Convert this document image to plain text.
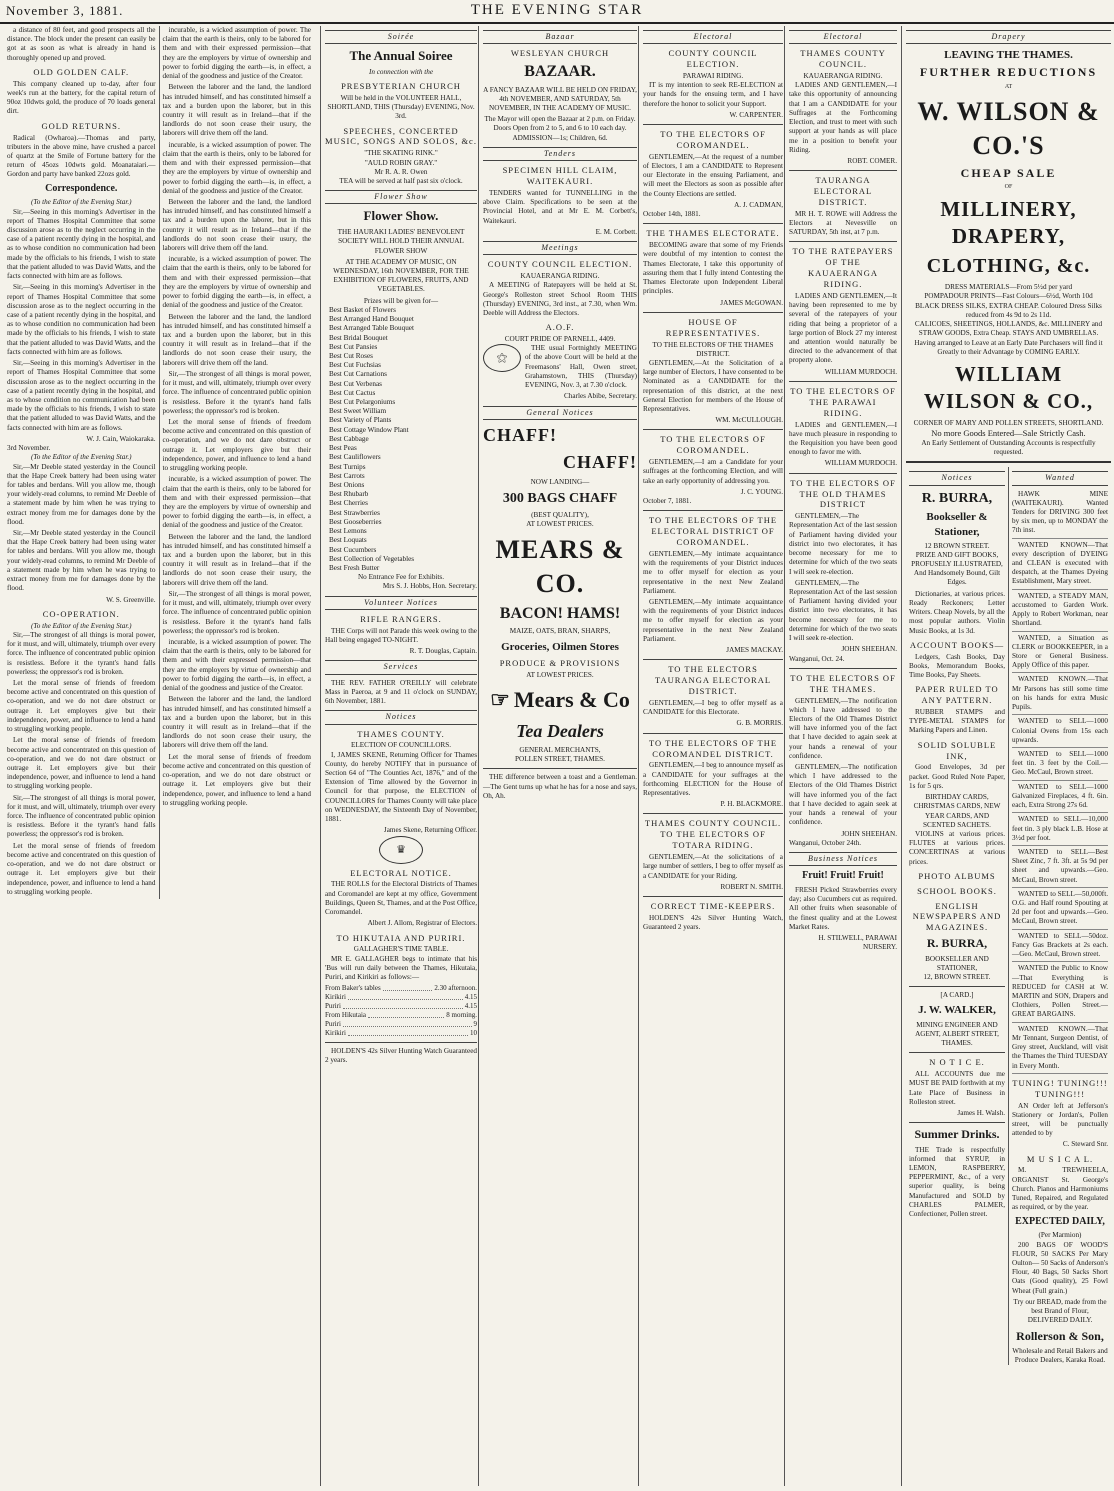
November 3, 1881.	THE EVENING STAR

a distance of 80 feet, and good prospects all the distance. The block under the present can easily be got at as soon as what is already in hand is thoroughly opened up and proved.

OLD GOLDEN CALF.

This company cleaned up to-day, after four week's run at the battery, for the capital return of 90oz 10dwts gold, the produce of 70 loads general dirt.

GOLD RETURNS.

Radical (Owharoa).—Thomas and party, tributers in the above mine, have crushed a parcel of quartz at the Smile of Fortune battery for the return of 45ozs 10dwts gold. Moanataiari.—Gordon and party have banked 22ozs gold.

Correspondence.
(To the Editor of the Evening Star.)

Sir,—Seeing in this morning's Advertiser in the report of Thames Hospital Committee that some discussion arose as to the neglect occurring in the case of a patient recently dying in the hospital, and as to whose condition no communication had been made by the officials to his friends, I wish to state that the patient alluded to was David Watts, and the facts connected with him are as follows.

Sir,—Seeing in this morning's Advertiser in the report of Thames Hospital Committee that some discussion arose as to the neglect occurring in the case of a patient recently dying in the hospital, and as to whose condition no communication had been made by the officials to his friends, I wish to state that the patient alluded to was David Watts, and the facts connected with him are as follows.

Sir,—Seeing in this morning's Advertiser in the report of Thames Hospital Committee that some discussion arose as to the neglect occurring in the case of a patient recently dying in the hospital, and as to whose condition no communication had been made by the officials to his friends, I wish to state that the patient alluded to was David Watts, and the facts connected with him are as follows.

W. J. Cain, Waiokaraka.
3rd November.
(To the Editor of the Evening Star.)

Sir,—Mr Deeble stated yesterday in the Council that the Hape Creek battery had been using water for tables and berdans. Will you allow me, though your widely-read columns, to remind Mr Deeble of a statement made by him when he was trying to extract money from me for damages done by the flood.

Sir,—Mr Deeble stated yesterday in the Council that the Hape Creek battery had been using water for tables and berdans. Will you allow me, though your widely-read columns, to remind Mr Deeble of a statement made by him when he was trying to extract money from me for damages done by the flood.

W. S. Greenville.
CO-OPERATION.
(To the Editor of the Evening Star.)

Sir,—The strongest of all things is moral power, for it must, and will, ultimately, triumph over every force. The influence of concentrated public opinion is resistless. Before it the tyrant's hand falls powerless; the oppressor's rod is broken.

Let the moral sense of friends of freedom become active and concentrated on this question of co-operation, and we do not dare obstruct or outrage it. Let employers give but their independence, power, and influence to lend a hand to struggling working people.

Let the moral sense of friends of freedom become active and concentrated on this question of co-operation, and we do not dare obstruct or outrage it. Let employers give but their independence, power, and influence to lend a hand to struggling working people.

Sir,—The strongest of all things is moral power, for it must, and will, ultimately, triumph over every force. The influence of concentrated public opinion is resistless. Before it the tyrant's hand falls powerless; the oppressor's rod is broken.

Let the moral sense of friends of freedom become active and concentrated on this question of co-operation, and we do not dare obstruct or outrage it. Let employers give but their independence, power, and influence to lend a hand to struggling working people.

incurable, is a wicked assumption of power. The claim that the earth is theirs, only to be labored for them and with their expressed permission—that they are the employers by virtue of ownership and power to forbid digging the earth—is, in effect, a denial of the goodness and justice of the Creator.

Between the laborer and the land, the landlord has intruded himself, and has constituted himself a tax and a burden upon the laborer, but in this country it will result as in Ireland—that if the landlords do not soon cease their usury, the laborers will drive them off the land.

incurable, is a wicked assumption of power. The claim that the earth is theirs, only to be labored for them and with their expressed permission—that they are the employers by virtue of ownership and power to forbid digging the earth—is, in effect, a denial of the goodness and justice of the Creator.

Between the laborer and the land, the landlord has intruded himself, and has constituted himself a tax and a burden upon the laborer, but in this country it will result as in Ireland—that if the landlords do not soon cease their usury, the laborers will drive them off the land.

incurable, is a wicked assumption of power. The claim that the earth is theirs, only to be labored for them and with their expressed permission—that they are the employers by virtue of ownership and power to forbid digging the earth—is, in effect, a denial of the goodness and justice of the Creator.

Between the laborer and the land, the landlord has intruded himself, and has constituted himself a tax and a burden upon the laborer, but in this country it will result as in Ireland—that if the landlords do not soon cease their usury, the laborers will drive them off the land.

Sir,—The strongest of all things is moral power, for it must, and will, ultimately, triumph over every force. The influence of concentrated public opinion is resistless. Before it the tyrant's hand falls powerless; the oppressor's rod is broken.

Let the moral sense of friends of freedom become active and concentrated on this question of co-operation, and we do not dare obstruct or outrage it. Let employers give but their independence, power, and influence to lend a hand to struggling working people.

incurable, is a wicked assumption of power. The claim that the earth is theirs, only to be labored for them and with their expressed permission—that they are the employers by virtue of ownership and power to forbid digging the earth—is, in effect, a denial of the goodness and justice of the Creator.

Between the laborer and the land, the landlord has intruded himself, and has constituted himself a tax and a burden upon the laborer, but in this country it will result as in Ireland—that if the landlords do not soon cease their usury, the laborers will drive them off the land.

Sir,—The strongest of all things is moral power, for it must, and will, ultimately, triumph over every force. The influence of concentrated public opinion is resistless. Before it the tyrant's hand falls powerless; the oppressor's rod is broken.

incurable, is a wicked assumption of power. The claim that the earth is theirs, only to be labored for them and with their expressed permission—that they are the employers by virtue of ownership and power to forbid digging the earth—is, in effect, a denial of the goodness and justice of the Creator.

Between the laborer and the land, the landlord has intruded himself, and has constituted himself a tax and a burden upon the laborer, but in this country it will result as in Ireland—that if the landlords do not soon cease their usury, the laborers will drive them off the land.

Let the moral sense of friends of freedom become active and concentrated on this question of co-operation, and we do not dare obstruct or outrage it. Let employers give but their independence, power, and influence to lend a hand to struggling working people.

Soirée
The Annual Soiree
In connection with the
PRESBYTERIAN CHURCH

Will be held in the VOLUNTEER HALL, SHORTLAND, THIS (Thursday) EVENING, Nov. 3rd.

SPEECHES, CONCERTED MUSIC, SONGS AND SOLOS, &c.
"THE SKATING RINK."
"AULD ROBIN GRAY."
Mr R. A. R. Owen
TEA will be served at half past six o'clock.
Flower Show
Flower Show.

THE HAURAKI LADIES' BENEVOLENT SOCIETY WILL HOLD THEIR ANNUAL FLOWER SHOW

AT THE ACADEMY OF MUSIC, ON WEDNESDAY, 16th NOVEMBER, FOR THE EXHIBITION OF FLOWERS, FRUITS, AND VEGETABLES.

Prizes will be given for—
Best Basket of Flowers
Best Arranged Hand Bouquet
Best Arranged Table Bouquet
Best Bridal Bouquet
Best Cut Pansies
Best Cut Roses
Best Cut Fuchsias
Best Cut Carnations
Best Cut Verbenas
Best Cut Cactus
Best Cut Pelargoniums
Best Sweet William
Best Variety of Plants
Best Cottage Window Plant
Best Cabbage
Best Peas
Best Cauliflowers
Best Turnips
Best Carrots
Best Onions
Best Rhubarb
Best Cherries
Best Strawberries
Best Gooseberries
Best Lemons
Best Loquats
Best Cucumbers
Best Collection of Vegetables
Best Fresh Butter
No Entrance Fee for Exhibits.
Mrs S. J. Hobbs, Hon. Secretary.
Volunteer Notices
RIFLE RANGERS.

THE Corps will not Parade this week owing to the Hall being engaged TO-NIGHT.

R. T. Douglas, Captain.
Services

THE REV. FATHER O'REILLY will celebrate Mass in Paeroa, at 9 and 11 o'clock on SUNDAY, 6th November, 1881.

Notices
THAMES COUNTY.
ELECTION OF COUNCILLORS.

I, JAMES SKENE, Returning Officer for Thames County, do hereby NOTIFY that in pursuance of Section 64 of "The Counties Act, 1876," and of the Extension of Time allowed by the Governor in Council for that purpose, the ELECTION of COUNCILLORS for Thames County will take place on WEDNESDAY, the Sixteenth Day of November, 1881.

James Skene, Returning Officer.
♛
ELECTORAL NOTICE.

THE ROLLS for the Electoral Districts of Thames and Coromandel are kept at my office, Government Buildings, Queen St, Thames, and at the Post Office, Coromandel.

Albert J. Allom, Registrar of Electors.
TO HIKUTAIA AND PURIRI.
GALLAGHER'S TIME TABLE.

MR E. GALLAGHER begs to intimate that his 'Bus will run daily between the Thames, Hikutaia, Puriri, and Kirikiri as follows:—

From Baker's tables	2.30 afternoon.
Kirikiri	4.15
Puriri	4.15
From Hikutaia	8 morning.
Puriri	9
Kirikiri	10

HOLDEN'S 42s Silver Hunting Watch Guaranteed 2 years.

Bazaar
WESLEYAN CHURCH
BAZAAR.

A FANCY BAZAAR WILL BE HELD ON FRIDAY, 4th NOVEMBER, AND SATURDAY, 5th NOVEMBER, IN THE ACADEMY OF MUSIC.

The Mayor will open the Bazaar at 2 p.m. on Friday.
Doors Open from 2 to 5, and 6 to 10 each day.
ADMISSION—1s; Children, 6d.
Tenders
SPECIMEN HILL CLAIM, WAITEKAURI.

TENDERS wanted for TUNNELLING in the above Claim. Specifications to be seen at the Provincial Hotel, and at Mr E. M. Corbett's, Waitekauri.

E. M. Corbett.
Meetings
COUNTY COUNCIL ELECTION.
KAUAERANGA RIDING.

A MEETING of Ratepayers will be held at St. George's Rolleston street School Room THIS (Thursday) EVENING, 3rd inst., at 7.30, when Wm. Deeble will Address the Electors.

A.O.F.
COURT PRIDE OF PARNELL, 4409.
⚝

THE usual Fortnightly MEETING of the above Court will be held at the Freemasons' Hall, Owen street, Grahamstown, THIS (Thursday) EVENING, Nov. 3, at 7.30 o'clock.

Charles Abibe, Secretary.
General Notices
CHAFF!
CHAFF!
NOW LANDING—
300 BAGS CHAFF
(BEST QUALITY),
AT LOWEST PRICES.
MEARS & CO.
BACON! HAMS!
MAIZE, OATS, BRAN, SHARPS,
Groceries, Oilmen Stores
PRODUCE & PROVISIONS
AT LOWEST PRICES.
☞ Mears & Co
Tea Dealers
GENERAL MERCHANTS,
POLLEN STREET, THAMES.

THE difference between a toast and a Gentleman.—The Gent turns up what he has for a nose and says, Oh, Ah.

Electoral
COUNTY COUNCIL ELECTION.
PARAWAI RIDING.

IT is my intention to seek RE-ELECTION at your hands for the ensuing term, and I have therefore the honor to solicit your Support.

W. CARPENTER.
TO THE ELECTORS OF COROMANDEL.

GENTLEMEN,—At the request of a number of Electors, I am a CANDIDATE to Represent our Electorate in the ensuing Parliament, and will meet the Electors as soon as possible after the County Elections are settled.

A. J. CADMAN,
October 14th, 1881.
THE THAMES ELECTORATE.

BECOMING aware that some of my Friends were doubtful of my intention to contest the Thames Electorate, I take this opportunity of assuring them that I fully intend Contesting the Thames Electorate upon Independent Liberal principles.

JAMES McGOWAN.
HOUSE OF REPRESENTATIVES.
TO THE ELECTORS OF THE THAMES DISTRICT.

GENTLEMEN,—At the Solicitation of a large number of Electors, I have consented to be Nominated as a CANDIDATE for the representation of this district, at the next General Election for members of the House of Representatives.

WM. McCULLOUGH.
TO THE ELECTORS OF COROMANDEL.

GENTLEMEN,—I am a Candidate for your suffrages at the forthcoming Election, and will take an early opportunity of addressing you.

J. C. YOUNG.
October 7, 1881.
TO THE ELECTORS OF THE ELECTORAL DISTRICT OF COROMANDEL.

GENTLEMEN,—My intimate acquaintance with the requirements of your District induces me to offer myself for election as your representative in the next New Zealand Parliament.

GENTLEMEN,—My intimate acquaintance with the requirements of your District induces me to offer myself for election as your representative in the next New Zealand Parliament.

JAMES MACKAY.
TO THE ELECTORS TAURANGA ELECTORAL DISTRICT.

GENTLEMEN,—I beg to offer myself as a CANDIDATE for this Electorate.

G. B. MORRIS.
TO THE ELECTORS OF THE COROMANDEL DISTRICT.

GENTLEMEN,—I beg to announce myself as a CANDIDATE for your suffrages at the forthcoming ELECTION for the House of Representatives.

P. H. BLACKMORE.
THAMES COUNTY COUNCIL. TO THE ELECTORS OF TOTARA RIDING.

GENTLEMEN,—At the solicitations of a large number of settlers, I beg to offer myself as a CANDIDATE for your Riding.

ROBERT N. SMITH.
CORRECT TIME-KEEPERS.

HOLDEN'S 42s Silver Hunting Watch, Guaranteed 2 years.

Electoral
THAMES COUNTY COUNCIL.
KAUAERANGA RIDING.

LADIES AND GENTLEMEN,—I take this opportunity of announcing that I am a CANDIDATE for your Suffrages at the Forthcoming Election, and trust to meet with such support at your hands as will place me in a position to benefit your Riding.

ROBT. COMER.
TAURANGA ELECTORAL DISTRICT.

MR H. T. ROWE will Address the Electors at Nevesville on SATURDAY, 5th inst, at 7 p.m.

TO THE RATEPAYERS OF THE KAUAERANGA RIDING.

LADIES AND GENTLEMEN,—It having been represented to me by several of the ratepayers of your riding that being a proprietor of a large portion of Block 27 my interest and attention would naturally be directed to the advancement of that property alone.

WILLIAM MURDOCH.
TO THE ELECTORS OF THE PARAWAI RIDING.

LADIES and GENTLEMEN,—I have much pleasure in responding to the Requisition you have been good enough to favor me with.

WILLIAM MURDOCH.
TO THE ELECTORS OF THE OLD THAMES DISTRICT

GENTLEMEN,—The Representation Act of the last session of Parliament having divided your district into two electorates, it has become necessary for me to determine for which of the two seats I will seek re-election.

GENTLEMEN,—The Representation Act of the last session of Parliament having divided your district into two electorates, it has become necessary for me to determine for which of the two seats I will seek re-election.

JOHN SHEEHAN.
Wanganui, Oct. 24.
TO THE ELECTORS OF THE THAMES.

GENTLEMEN,—The notification which I have addressed to the Electors of the Old Thames District will have informed you of the fact that I have decided to again seek at your hands a renewal of your confidence.

GENTLEMEN,—The notification which I have addressed to the Electors of the Old Thames District will have informed you of the fact that I have decided to again seek at your hands a renewal of your confidence.

JOHN SHEEHAN.
Wanganui, October 24th.
Business Notices
Fruit! Fruit! Fruit!

FRESH Picked Strawberries every day; also Cucumbers cut as required. All other fruits when seasonable of the finest quality and at the Lowest Market Rates.

H. STILWELL, PARAWAI NURSERY.
Drapery
LEAVING THE THAMES.
FURTHER REDUCTIONS
AT
W. WILSON & CO.'S
CHEAP SALE
OF
MILLINERY, DRAPERY,
CLOTHING, &c.
DRESS MATERIALS—From 5½d per yard
POMPADOUR PRINTS—Fast Colours—6½d, Worth 10d
BLACK DRESS SILKS, EXTRA CHEAP. Coloured Dress Silks reduced from 4s 9d to 2s 11d.
CALICOES, SHEETINGS, HOLLANDS, &c. MILLINERY and STRAW GOODS, Extra Cheap. STAYS AND UMBRELLAS.

Having arranged to Leave at an Early Date Purchasers will find it Greatly to their Advantage by COMING EARLY.

WILLIAM WILSON & CO.,
CORNER OF MARY AND POLLEN STREETS, SHORTLAND.
No more Goods Entered—Sale Strictly Cash.
An Early Settlement of Outstanding Accounts is respectfully requested.
Notices
R. BURRA,
Bookseller & Stationer,
12 BROWN STREET.

PRIZE AND GIFT BOOKS, PROFUSELY ILLUSTRATED, And Handsomely Bound, Gilt Edges.

Dictionaries, at various prices. Ready Reckoners; Letter Writers. Cheap Novels, by all the most popular authors. Violin Music Books, at 1s 3d.

ACCOUNT BOOKS—

Ledgers, Cash Books, Day Books, Memorandum Books, Time Books, Pay Sheets.

PAPER RULED TO ANY PATTERN.

RUBBER STAMPS and TYPE-METAL STAMPS for Marking Papers and Linen.

SOLID SOLUBLE INK,

Good Envelopes, 3d per packet. Good Ruled Note Paper, 1s for 5 qrs.

BIRTHDAY CARDS, CHRISTMAS CARDS, NEW YEAR CARDS, AND SCENTED SACHETS.

VIOLINS at various prices. FLUTES at various prices. CONCERTINAS at various prices.

PHOTO ALBUMS
SCHOOL BOOKS.
ENGLISH NEWSPAPERS AND MAGAZINES.
R. BURRA,
BOOKSELLER AND STATIONER,
12, BROWN STREET.
[A CARD.]
J. W. WALKER,
MINING ENGINEER AND AGENT, ALBERT STREET, THAMES.
N O T I C E.

ALL ACCOUNTS due me MUST BE PAID forthwith at my Late Place of Business in Rolleston street.

James H. Walsh.
Summer Drinks.

THE Trade is respectfully informed that SYRUP, in LEMON, RASPBERRY, PEPPERMINT, &c., of a very superior quality, is being Manufactured and SOLD by CHARLES PALMER, Confectioner, Pollen street.

Wanted

HAWK MINE (WAITEKAURI). Wanted Tenders for DRIVING 300 feet by six men, up to MONDAY the 7th inst.

WANTED KNOWN—That every description of DYEING and CLEAN is executed with despatch, at the Thames Dyeing Establishment, Mary street.

WANTED, a STEADY MAN, accustomed to Garden Work. Apply to Robert Workman, near Shortland.

WANTED, a Situation as CLERK or BOOKKEEPER, in a Store or General Business. Apply Office of this paper.

WANTED KNOWN.—That Mr Parsons has still some time on his hands for extra Music Pupils.

WANTED to SELL—1000 Colonial Ovens from 15s each upwards.

WANTED to SELL—1000 feet tin. 3 feet by the Coil.—Geo. McCaul, Brown street.

WANTED to SELL—1000 Galvanized Fireplaces, 4 ft. 6in. each, Extra Strong 27s 6d.

WANTED to SELL—10,000 feet tin. 3 ply black L.B. Hose at 3½d per foot.

WANTED to SELL—Best Sheet Zinc, 7 ft. 3ft. at 5s 9d per sheet and upwards.—Geo. McCaul, Brown street.

WANTED to SELL—50,000ft. O.G. and Half round Spouting at 2d per foot and upwards.—Geo. McCaul, Brown street.

WANTED to SELL—50doz. Fancy Gas Brackets at 2s each.—Geo. McCaul, Brown street.

WANTED the Public to Know—That Everything is REDUCED for CASH at W. MARTIN and SON, Drapers and Clothiers, Pollen Street.—GREAT BARGAINS.

WANTED KNOWN.—That Mr Tennant, Surgeon Dentist, of Grey street, Auckland, will visit the Thames the Third TUESDAY in Every Month.

TUNING! TUNING!!! TUNING!!!

AN Order left at Jefferson's Stationery or Jordan's, Pollen street, will be punctually attended to by

C. Steward Snr.
M U S I C A L.

M. TREWHEELA, ORGANIST St. George's Church. Pianos and Harmoniums Tuned, Repaired, and Regulated as required, or by the year.

EXPECTED DAILY,
(Per Marmion)

200 BAGS OF WOOD'S FLOUR, 50 SACKS Per Mary Oulton— 50 Sacks of Anderson's Flour, 40 Bags, 50 Sacks Short Oats (Good quality), 25 Fowl Wheat (Full grain.)

Try our BREAD, made from the best Brand of Flour, DELIVERED DAILY.

Rollerson & Son,
Wholesale and Retail Bakers and Produce Dealers, Karaka Road.
